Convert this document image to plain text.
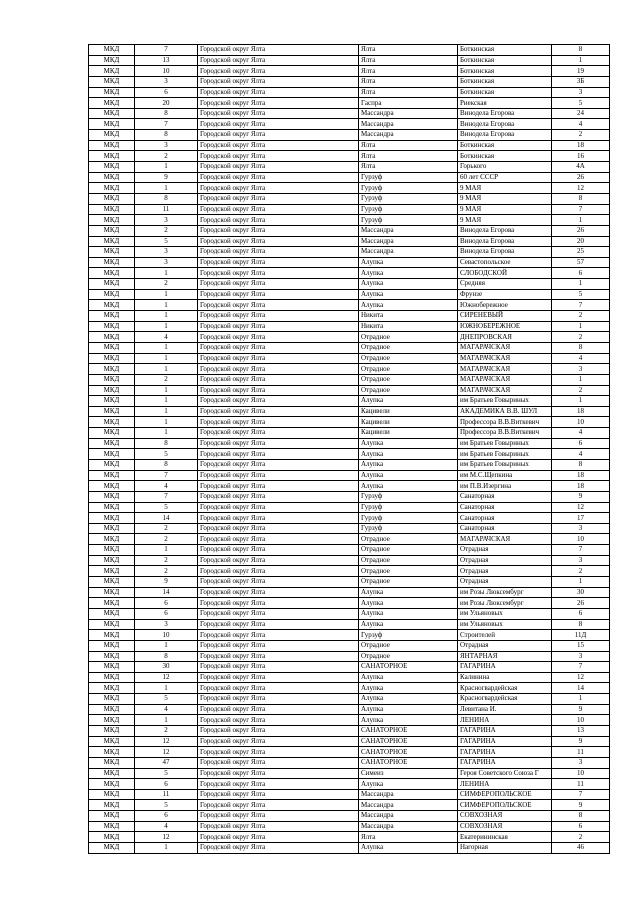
МКД	7	Городской округ Ялта	Ялта	Боткинская	8
МКД	13	Городской округ Ялта	Ялта	Боткинская	1
МКД	10	Городской округ Ялта	Ялта	Боткинская	19
МКД	3	Городской округ Ялта	Ялта	Боткинская	3Б
МКД	6	Городской округ Ялта	Ялта	Боткинская	3
МКД	20	Городской округ Ялта	Гаспра	Риекская	5
МКД	8	Городской округ Ялта	Массандра	Винодела Егорова	24
МКД	7	Городской округ Ялта	Массандра	Винодела Егорова	4
МКД	8	Городской округ Ялта	Массандра	Винодела Егорова	2
МКД	3	Городской округ Ялта	Ялта	Боткинская	18
МКД	2	Городской округ Ялта	Ялта	Боткинская	16
МКД	1	Городской округ Ялта	Ялта	Горького	4А
МКД	9	Городской округ Ялта	Гурзуф	60 лет СССР	26
МКД	1	Городской округ Ялта	Гурзуф	9 МАЯ	12
МКД	8	Городской округ Ялта	Гурзуф	9 МАЯ	8
МКД	11	Городской округ Ялта	Гурзуф	9 МАЯ	7
МКД	3	Городской округ Ялта	Гурзуф	9 МАЯ	1
МКД	2	Городской округ Ялта	Массандра	Винодела Егорова	26
МКД	5	Городской округ Ялта	Массандра	Винодела Егорова	20
МКД	3	Городской округ Ялта	Массандра	Винодела Егорова	25
МКД	3	Городской округ Ялта	Алупка	Севастопольское	57
МКД	1	Городской округ Ялта	Алупка	СЛОБОДСКОЙ	6
МКД	2	Городской округ Ялта	Алупка	Средняя	1
МКД	1	Городской округ Ялта	Алупка	Фрунзе	5
МКД	1	Городской округ Ялта	Алупка	Южнобережное	7
МКД	1	Городской округ Ялта	Никита	СИРЕНЕВЫЙ	2
МКД	1	Городской округ Ялта	Никита	ЮЖНОБЕРЕЖНОЕ	1
МКД	4	Городской округ Ялта	Отрадное	ДНЕПРОВСКАЯ	2
МКД	1	Городской округ Ялта	Отрадное	МАГАРАЧСКАЯ	8
МКД	1	Городской округ Ялта	Отрадное	МАГАРАЧСКАЯ	4
МКД	1	Городской округ Ялта	Отрадное	МАГАРАЧСКАЯ	3
МКД	2	Городской округ Ялта	Отрадное	МАГАРАЧСКАЯ	1
МКД	1	Городской округ Ялта	Отрадное	МАГАРАЧСКАЯ	2
МКД	1	Городской округ Ялта	Алупка	им Братьев Говыриных	1
МКД	1	Городской округ Ялта	Кацивели	АКАДЕМИКА В.В. ШУЛ	18
МКД	1	Городской округ Ялта	Кацивели	Профессора В.В.Виткевич	10
МКД	1	Городской округ Ялта	Кацивели	Профессора В.В.Виткевич	4
МКД	8	Городской округ Ялта	Алупка	им Братьев Говыриных	6
МКД	5	Городской округ Ялта	Алупка	им Братьев Говыриных	4
МКД	8	Городской округ Ялта	Алупка	им Братьев Говыриных	8
МКД	7	Городской округ Ялта	Алупка	им М.С.Щепкина	18
МКД	4	Городской округ Ялта	Алупка	им П.В.Изергина	18
МКД	7	Городской округ Ялта	Гурзуф	Санаторная	9
МКД	5	Городской округ Ялта	Гурзуф	Санаторная	12
МКД	14	Городской округ Ялта	Гурзуф	Санаторная	17
МКД	2	Городской округ Ялта	Гурзуф	Санаторная	3
МКД	2	Городской округ Ялта	Отрадное	МАГАРАЧСКАЯ	10
МКД	1	Городской округ Ялта	Отрадное	Отрадная	7
МКД	2	Городской округ Ялта	Отрадное	Отрадная	3
МКД	2	Городской округ Ялта	Отрадное	Отрадная	2
МКД	9	Городской округ Ялта	Отрадное	Отрадная	1
МКД	14	Городской округ Ялта	Алупка	им Розы Люксембург	30
МКД	6	Городской округ Ялта	Алупка	им Розы Люксембург	26
МКД	6	Городской округ Ялта	Алупка	им Ульяновых	6
МКД	3	Городской округ Ялта	Алупка	им Ульяновых	8
МКД	10	Городской округ Ялта	Гурзуф	Строителей	11Д
МКД	1	Городской округ Ялта	Отрадное	Отрадная	15
МКД	8	Городской округ Ялта	Отрадное	ЯНТАРНАЯ	3
МКД	30	Городской округ Ялта	САНАТОРНОЕ	ГАГАРИНА	7
МКД	12	Городской округ Ялта	Алупка	Калинина	12
МКД	1	Городской округ Ялта	Алупка	Красногвардейская	14
МКД	5	Городской округ Ялта	Алупка	Красногвардейская	1
МКД	4	Городской округ Ялта	Алупка	Левитана И.	9
МКД	1	Городской округ Ялта	Алупка	ЛЕНИНА	10
МКД	2	Городской округ Ялта	САНАТОРНОЕ	ГАГАРИНА	13
МКД	12	Городской округ Ялта	САНАТОРНОЕ	ГАГАРИНА	9
МКД	12	Городской округ Ялта	САНАТОРНОЕ	ГАГАРИНА	11
МКД	47	Городской округ Ялта	САНАТОРНОЕ	ГАГАРИНА	3
МКД	5	Городской округ Ялта	Симеиз	Героя Советского Союза Г	10
МКД	6	Городской округ Ялта	Алупка	ЛЕНИНА	11
МКД	11	Городской округ Ялта	Массандра	СИМФЕРОПОЛЬСКОЕ	7
МКД	5	Городской округ Ялта	Массандра	СИМФЕРОПОЛЬСКОЕ	9
МКД	6	Городской округ Ялта	Массандра	СОВХОЗНАЯ	8
МКД	4	Городской округ Ялта	Массандра	СОВХОЗНАЯ	6
МКД	12	Городской округ Ялта	Ялта	Екатерининская	2
МКД	1	Городской округ Ялта	Алупка	Нагорная	46
